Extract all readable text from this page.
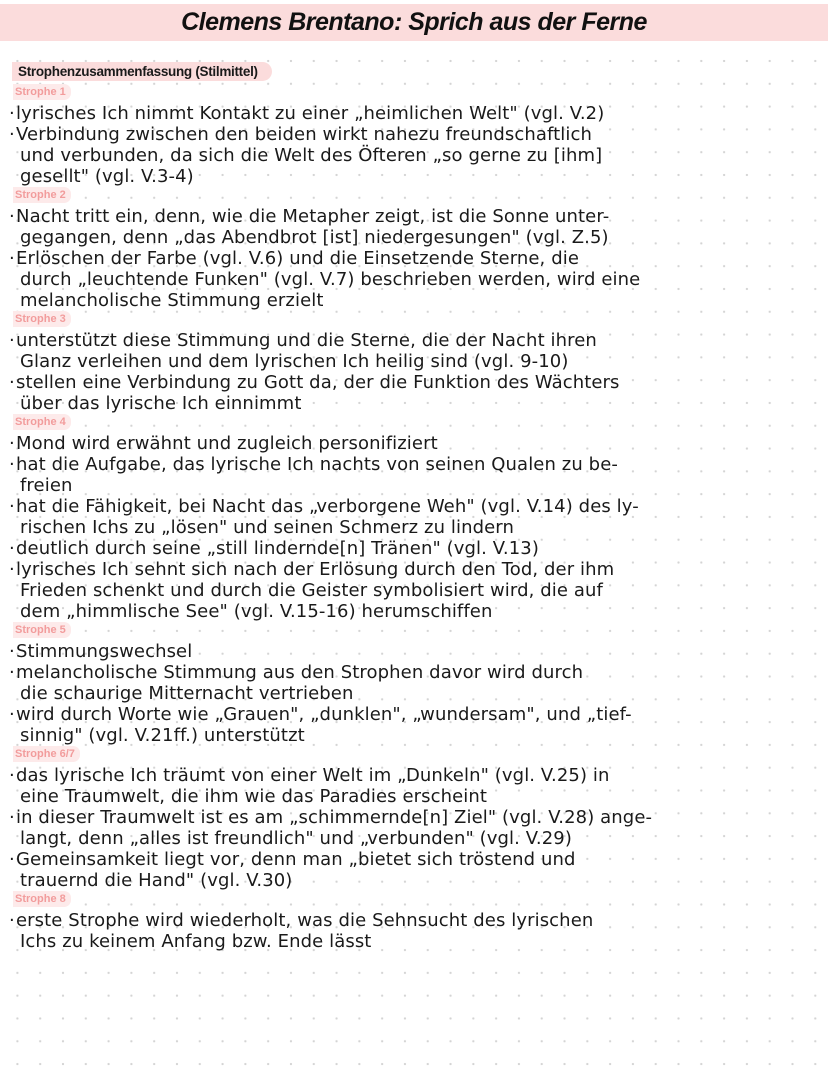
Clemens Brentano: Sprich aus der Ferne
Strophenzusammenfassung (Stilmittel)
Strophe 1
· lyrisches Ich nimmt Kontakt zu einer „heimlichen Welt" (vgl. V.2)
· Verbindung zwischen den beiden wirkt nahezu freundschaftlich
und verbunden, da sich die Welt des Öfteren „so gerne zu [ihm]
gesellt" (vgl. V.3-4)
Strophe 2
· Nacht tritt ein, denn, wie die Metapher zeigt, ist die Sonne unter-
gegangen, denn „das Abendbrot [ist] niedergesungen" (vgl. Z.5)
· Erlöschen der Farbe (vgl. V.6) und die Einsetzende Sterne, die
durch „leuchtende Funken" (vgl. V.7) beschrieben werden, wird eine
melancholische Stimmung erzielt
Strophe 3
· unterstützt diese Stimmung und die Sterne, die der Nacht ihren
Glanz verleihen und dem lyrischen Ich heilig sind (vgl. 9-10)
· stellen eine Verbindung zu Gott da, der die Funktion des Wächters
über das lyrische Ich einnimmt
Strophe 4
· Mond wird erwähnt und zugleich personifiziert
· hat die Aufgabe, das lyrische Ich nachts von seinen Qualen zu be-
freien
· hat die Fähigkeit, bei Nacht das „verborgene Weh" (vgl. V.14) des ly-
rischen Ichs zu „lösen" und seinen Schmerz zu lindern
· deutlich durch seine „still lindernde[n] Tränen" (vgl. V.13)
· lyrisches Ich sehnt sich nach der Erlösung durch den Tod, der ihm
Frieden schenkt und durch die Geister symbolisiert wird, die auf
dem „himmlische See" (vgl. V.15-16) herumschiffen
Strophe 5
· Stimmungswechsel
· melancholische Stimmung aus den Strophen davor wird durch
die schaurige Mitternacht vertrieben
· wird durch Worte wie „Grauen", „dunklen", „wundersam", und „tief-
sinnig" (vgl. V.21ff.) unterstützt
Strophe 6/7
· das lyrische Ich träumt von einer Welt im „Dunkeln" (vgl. V.25) in
eine Traumwelt, die ihm wie das Paradies erscheint
· in dieser Traumwelt ist es am „schimmernde[n] Ziel" (vgl. V.28) ange-
langt, denn „alles ist freundlich" und „verbunden" (vgl. V.29)
· Gemeinsamkeit liegt vor, denn man „bietet sich tröstend und
trauernd die Hand" (vgl. V.30)
Strophe 8
· erste Strophe wird wiederholt, was die Sehnsucht des lyrischen
Ichs zu keinem Anfang bzw. Ende lässt
